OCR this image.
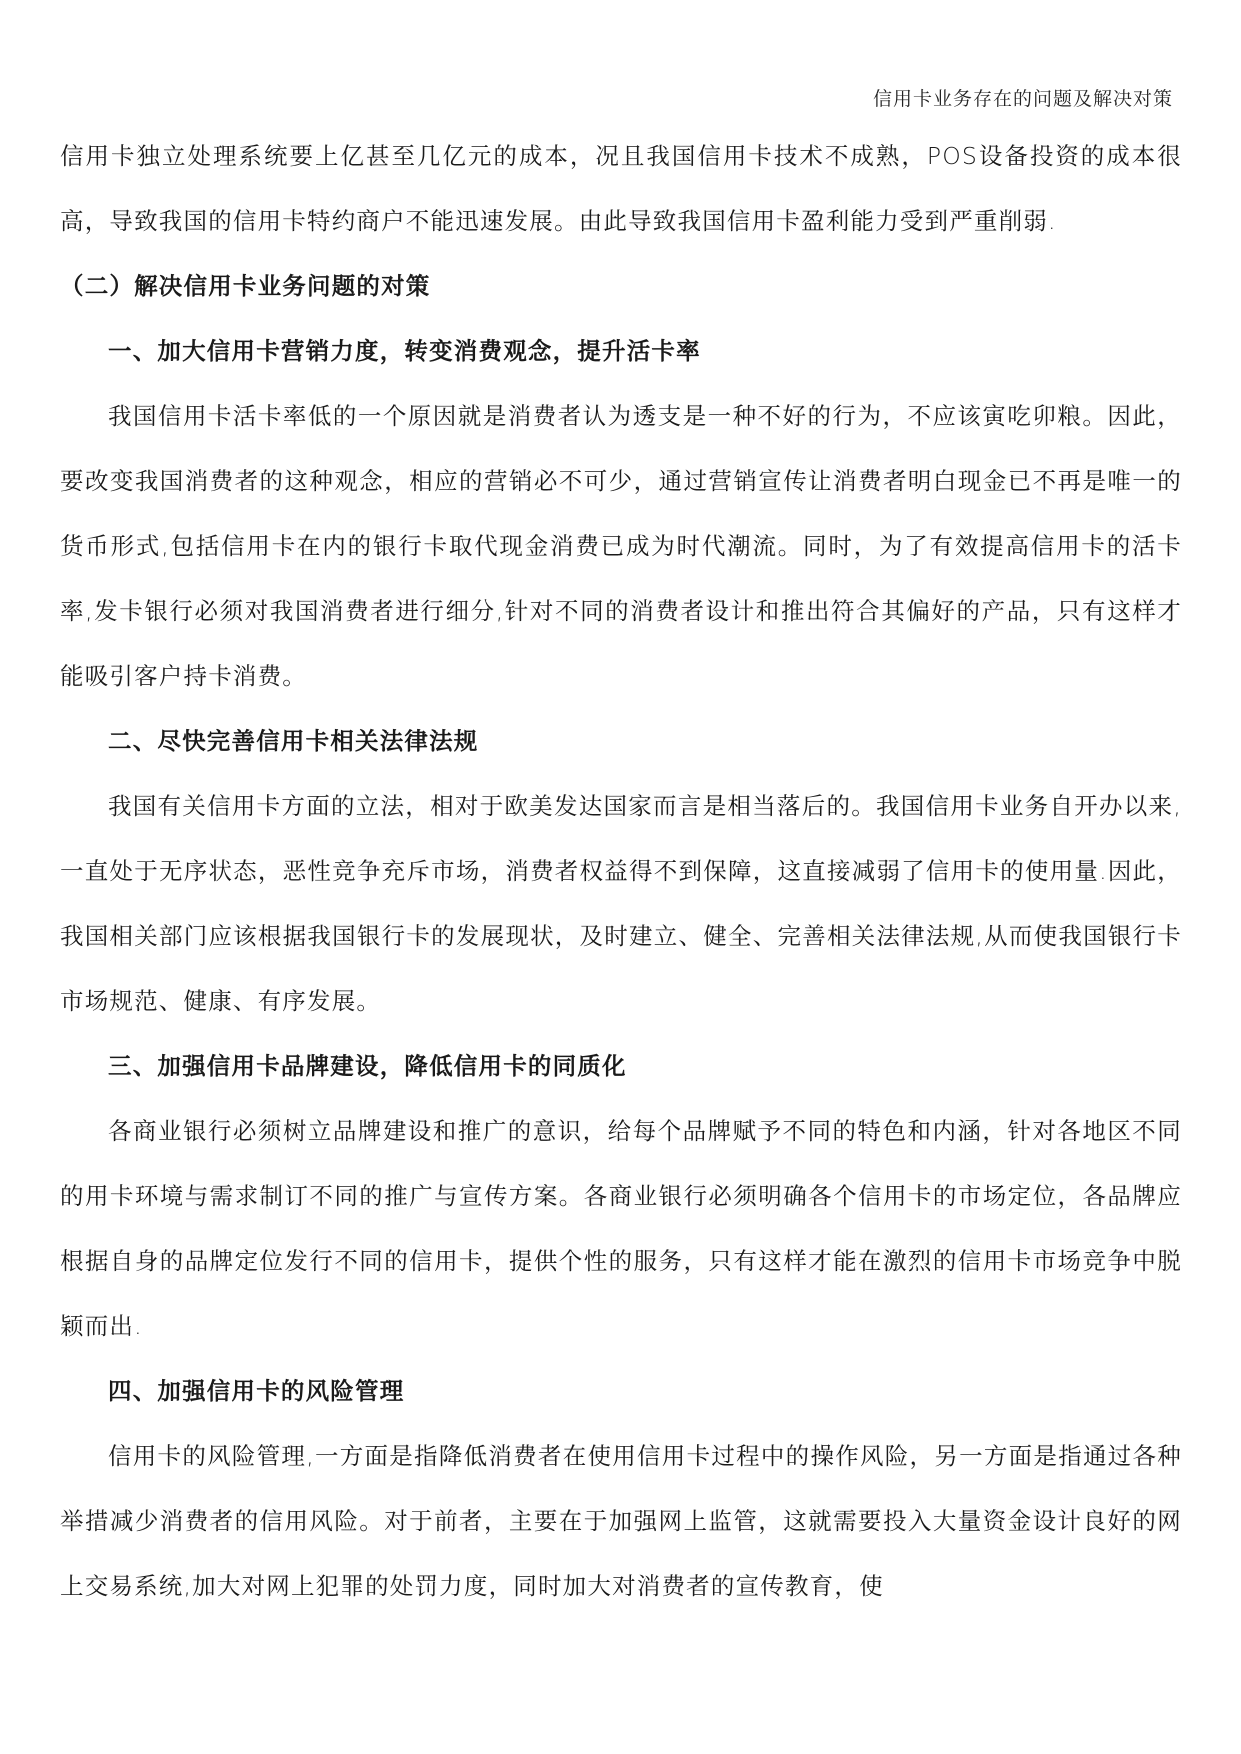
信用卡业务存在的问题及解决对策

信用卡独立处理系统要上亿甚至几亿元的成本，况且我国信用卡技术不成熟，POS设备投资的成本很高，导致我国的信用卡特约商户不能迅速发展。由此导致我国信用卡盈利能力受到严重削弱.

（二）解决信用卡业务问题的对策
一、加大信用卡营销力度，转变消费观念，提升活卡率

我国信用卡活卡率低的一个原因就是消费者认为透支是一种不好的行为，不应该寅吃卯粮。因此，要改变我国消费者的这种观念，相应的营销必不可少，通过营销宣传让消费者明白现金已不再是唯一的货币形式,包括信用卡在内的银行卡取代现金消费已成为时代潮流。同时，为了有效提高信用卡的活卡率,发卡银行必须对我国消费者进行细分,针对不同的消费者设计和推出符合其偏好的产品，只有这样才能吸引客户持卡消费。

二、尽快完善信用卡相关法律法规

我国有关信用卡方面的立法，相对于欧美发达国家而言是相当落后的。我国信用卡业务自开办以来,一直处于无序状态，恶性竞争充斥市场，消费者权益得不到保障，这直接减弱了信用卡的使用量.因此，我国相关部门应该根据我国银行卡的发展现状，及时建立、健全、完善相关法律法规,从而使我国银行卡市场规范、健康、有序发展。

三、加强信用卡品牌建设，降低信用卡的同质化

各商业银行必须树立品牌建设和推广的意识，给每个品牌赋予不同的特色和内涵，针对各地区不同的用卡环境与需求制订不同的推广与宣传方案。各商业银行必须明确各个信用卡的市场定位，各品牌应根据自身的品牌定位发行不同的信用卡，提供个性的服务，只有这样才能在激烈的信用卡市场竞争中脱颖而出.

四、加强信用卡的风险管理

信用卡的风险管理,一方面是指降低消费者在使用信用卡过程中的操作风险，另一方面是指通过各种举措减少消费者的信用风险。对于前者，主要在于加强网上监管，这就需要投入大量资金设计良好的网上交易系统,加大对网上犯罪的处罚力度，同时加大对消费者的宣传教育，使
